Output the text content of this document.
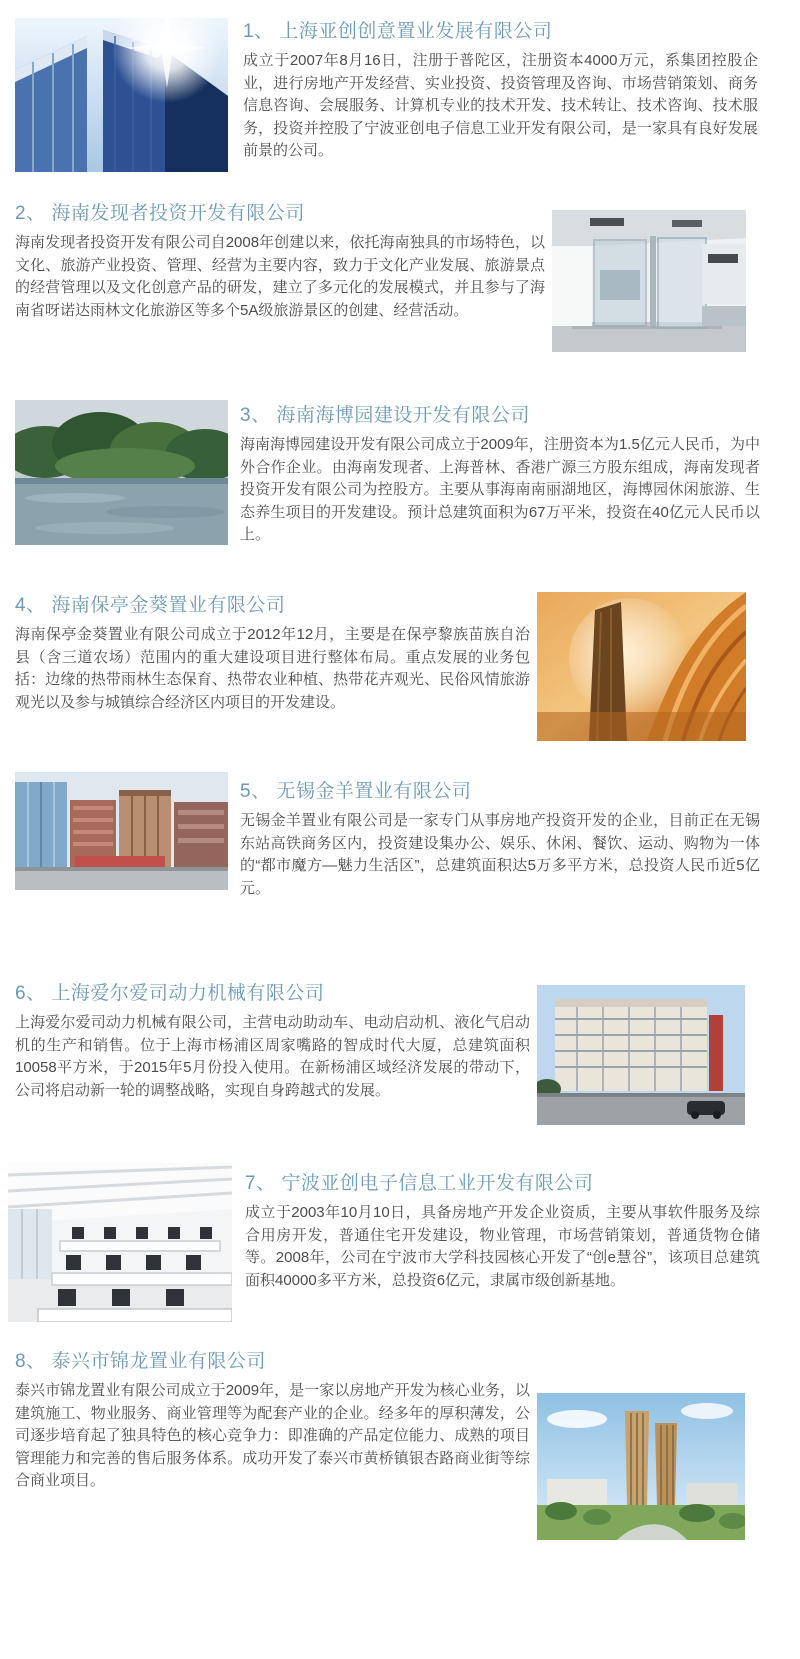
1、 上海亚创创意置业发展有限公司

成立于2007年8月16日，注册于普陀区，注册资本4000万元，系集团控股企业，进行房地产开发经营、实业投资、投资管理及咨询、市场营销策划、商务信息咨询、会展服务、计算机专业的技术开发、技术转让、技术咨询、技术服务，投资并控股了宁波亚创电子信息工业开发有限公司，是一家具有良好发展前景的公司。

2、 海南发现者投资开发有限公司

海南发现者投资开发有限公司自2008年创建以来，依托海南独具的市场特色，以文化、旅游产业投资、管理、经营为主要内容，致力于文化产业发展、旅游景点的经营管理以及文化创意产品的研发，建立了多元化的发展模式，并且参与了海南省呀诺达雨林文化旅游区等多个5A级旅游景区的创建、经营活动。

3、 海南海博园建设开发有限公司

海南海博园建设开发有限公司成立于2009年，注册资本为1.5亿元人民币，为中外合作企业。由海南发现者、上海普林、香港广源三方股东组成，海南发现者投资开发有限公司为控股方。主要从事海南南丽湖地区，海博园休闲旅游、生态养生项目的开发建设。预计总建筑面积为67万平米，投资在40亿元人民币以上。

4、 海南保亭金葵置业有限公司

海南保亭金葵置业有限公司成立于2012年12月，主要是在保亭黎族苗族自治县（含三道农场）范围内的重大建设项目进行整体布局。重点发展的业务包括：边缘的热带雨林生态保育、热带农业种植、热带花卉观光、民俗风情旅游观光以及参与城镇综合经济区内项目的开发建设。

5、 无锡金羊置业有限公司

无锡金羊置业有限公司是一家专门从事房地产投资开发的企业，目前正在无锡东站高铁商务区内，投资建设集办公、娱乐、休闲、餐饮、运动、购物为一体的“都市魔方—魅力生活区”，总建筑面积达5万多平方米，总投资人民币近5亿元。

6、 上海爱尔爱司动力机械有限公司

上海爱尔爱司动力机械有限公司，主营电动助动车、电动启动机、液化气启动机的生产和销售。位于上海市杨浦区周家嘴路的智成时代大厦，总建筑面积10058平方米，于2015年5月份投入使用。在新杨浦区域经济发展的带动下，公司将启动新一轮的调整战略，实现自身跨越式的发展。

7、 宁波亚创电子信息工业开发有限公司

成立于2003年10月10日，具备房地产开发企业资质，主要从事软件服务及综合用房开发，普通住宅开发建设，物业管理，市场营销策划，普通货物仓储等。2008年，公司在宁波市大学科技园核心开发了“创e慧谷”，该项目总建筑面积40000多平方米，总投资6亿元，隶属市级创新基地。

8、 泰兴市锦龙置业有限公司

泰兴市锦龙置业有限公司成立于2009年，是一家以房地产开发为核心业务，以建筑施工、物业服务、商业管理等为配套产业的企业。经多年的厚积薄发，公司逐步培育起了独具特色的核心竞争力：即准确的产品定位能力、成熟的项目管理能力和完善的售后服务体系。成功开发了泰兴市黄桥镇银杏路商业街等综合商业项目。
